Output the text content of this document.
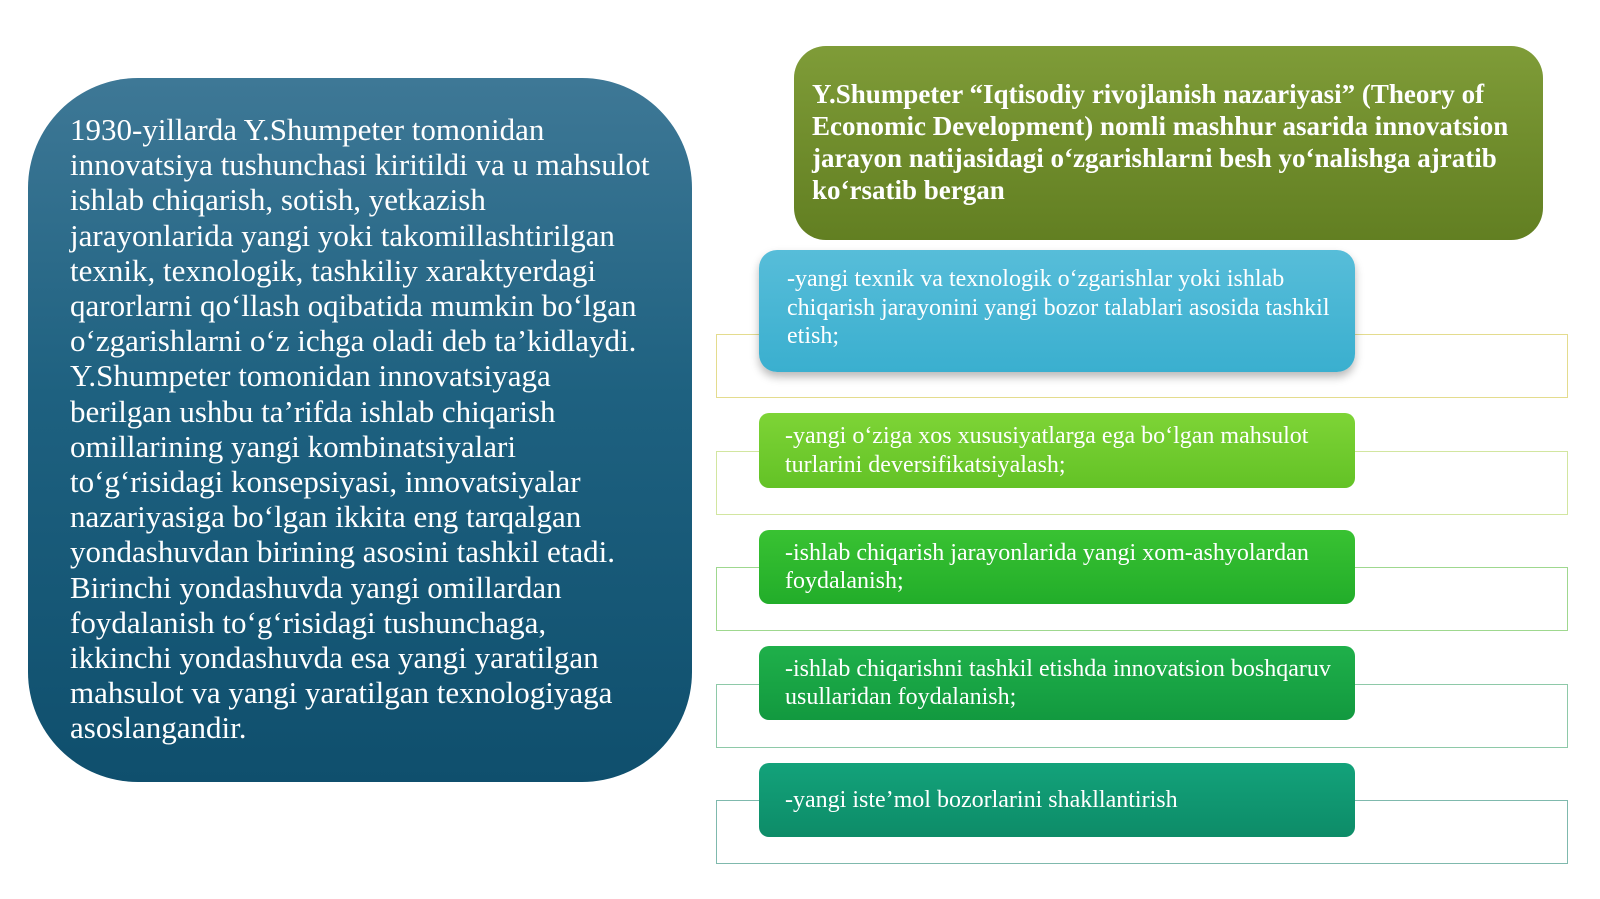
1930-yillarda Y.Shumpeter tomonidan innovatsiya tushunchasi kiritildi va u mahsulot ishlab chiqarish, sotish, yetkazish jarayonlarida yangi yoki takomillashtirilgan texnik, texnologik, tashkiliy xaraktyerdagi qarorlarni qo‘llash oqibatida mumkin bo‘lgan o‘zgarishlarni o‘z ichga oladi deb ta’kidlaydi. Y.Shumpeter tomonidan innovatsiyaga berilgan ushbu ta’rifda ishlab chiqarish omillarining yangi kombinatsiyalari to‘g‘risidagi konsepsiyasi, innovatsiyalar nazariyasiga bo‘lgan ikkita eng tarqalgan yondashuvdan birining asosini tashkil etadi. Birinchi yondashuvda yangi omillardan foydalanish to‘g‘risidagi tushunchaga, ikkinchi yondashuvda esa yangi yaratilgan mahsulot va yangi yaratilgan texnologiyaga asoslangandir.
Y.Shumpeter “Iqtisodiy rivojlanish nazariyasi” (Theory of Economic Development) nomli mashhur asarida innovatsion jarayon natijasidagi o‘zgarishlarni besh yo‘nalishga ajratib ko‘rsatib bergan
-yangi texnik va texnologik o‘zgarishlar yoki ishlab chiqarish jarayonini yangi bozor talablari asosida tashkil etish;
-yangi o‘ziga xos xususiyatlarga ega bo‘lgan mahsulot turlarini deversifikatsiyalash;
-ishlab chiqarish jarayonlarida yangi xom-ashyolardan foydalanish;
-ishlab chiqarishni tashkil etishda innovatsion boshqaruv usullaridan foydalanish;
-yangi iste’mol bozorlarini shakllantirish
